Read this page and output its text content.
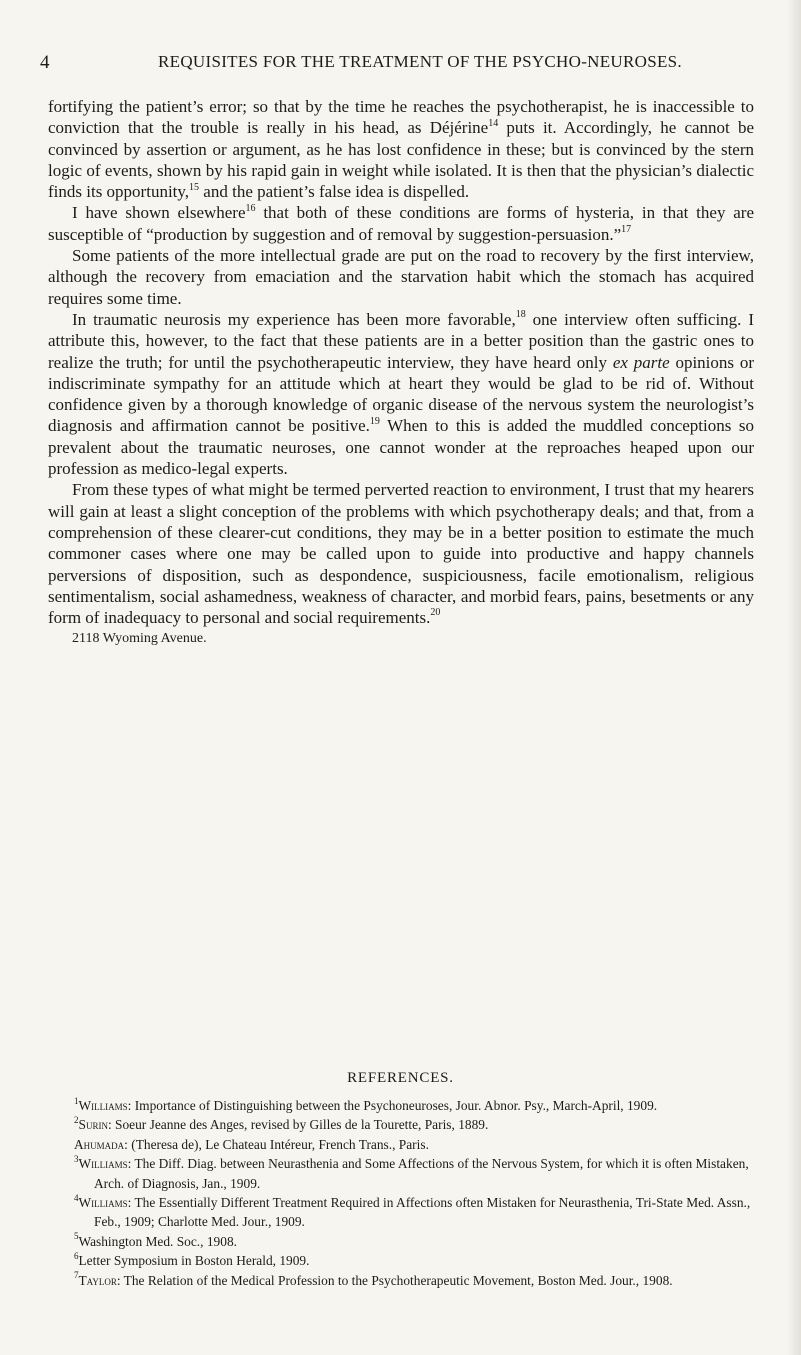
4	REQUISITES FOR THE TREATMENT OF THE PSYCHO-NEUROSES.

fortifying the patient’s error; so that by the time he reaches the psychotherapist, he is inaccessible to conviction that the trouble is really in his head, as Déjérine$^{14}$ puts it. Accordingly, he cannot be convinced by assertion or argument, as he has lost confidence in these; but is convinced by the stern logic of events, shown by his rapid gain in weight while isolated. It is then that the physician’s dialectic finds its opportunity,$^{15}$ and the patient’s false idea is dispelled.

I have shown elsewhere$^{16}$ that both of these conditions are forms of hysteria, in that they are susceptible of “production by suggestion and of removal by suggestion-persuasion.”$^{17}$

Some patients of the more intellectual grade are put on the road to recovery by the first interview, although the recovery from emaciation and the starvation habit which the stomach has acquired requires some time.

In traumatic neurosis my experience has been more favorable,$^{18}$ one interview often sufficing. I attribute this, however, to the fact that these patients are in a better position than the gastric ones to realize the truth; for until the psychotherapeutic interview, they have heard only ex parte opinions or indiscriminate sympathy for an attitude which at heart they would be glad to be rid of. Without confidence given by a thorough knowledge of organic disease of the nervous system the neurologist’s diagnosis and affirmation cannot be positive.$^{19}$ When to this is added the muddled conceptions so prevalent about the traumatic neuroses, one cannot wonder at the reproaches heaped upon our profession as medico-legal experts.

From these types of what might be termed perverted reaction to environment, I trust that my hearers will gain at least a slight conception of the problems with which psychotherapy deals; and that, from a comprehension of these clearer-cut conditions, they may be in a better position to estimate the much commoner cases where one may be called upon to guide into productive and happy channels perversions of disposition, such as despondence, suspiciousness, facile emotionalism, religious sentimentalism, social ashamedness, weakness of character, and morbid fears, pains, besetments or any form of inadequacy to personal and social requirements.$^{20}$

2118 Wyoming Avenue.
REFERENCES.

$^1$Williams: Importance of Distinguishing between the Psychoneuroses, Jour. Abnor. Psy., March-April, 1909.

$^2$Surin: Soeur Jeanne des Anges, revised by Gilles de la Tourette, Paris, 1889.

Ahumada: (Theresa de), Le Chateau Intéreur, French Trans., Paris.

$^3$Williams: The Diff. Diag. between Neurasthenia and Some Affections of the Nervous System, for which it is often Mistaken, Arch. of Diagnosis, Jan., 1909.

$^4$Williams: The Essentially Different Treatment Required in Affections often Mistaken for Neurasthenia, Tri-State Med. Assn., Feb., 1909; Charlotte Med. Jour., 1909.

$^5$Washington Med. Soc., 1908.

$^6$Letter Symposium in Boston Herald, 1909.

$^7$Taylor: The Relation of the Medical Profession to the Psychotherapeutic Movement, Boston Med. Jour., 1908.
